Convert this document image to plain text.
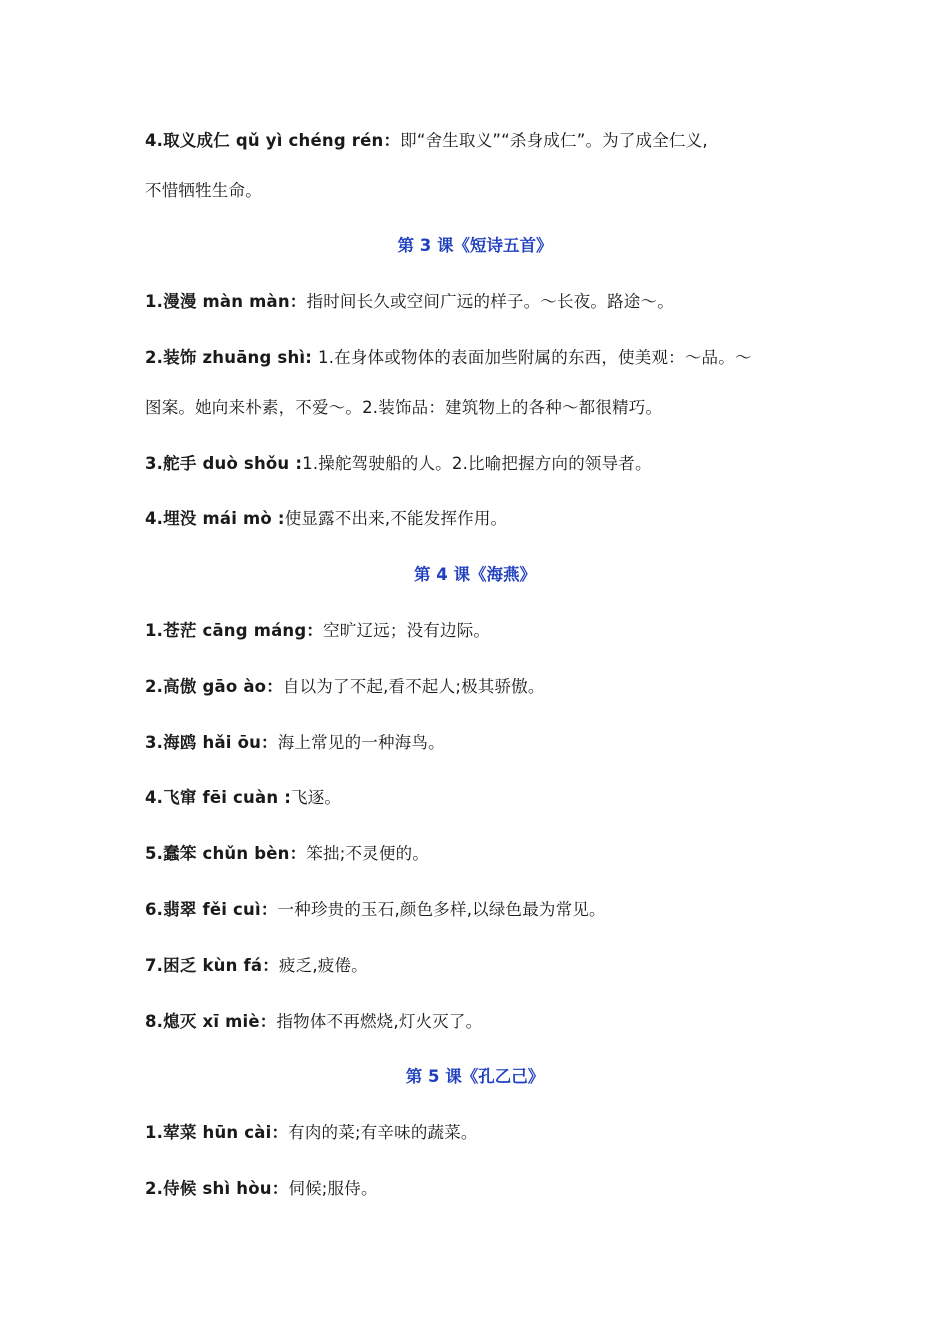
4.取义成仁 qǔ yì chéng rén：即“舍生取义”“杀身成仁”。为了成全仁义,
不惜牺牲生命。
第 3 课《短诗五首》
1.漫漫 màn màn：指时间长久或空间广远的样子。～长夜。路途～。
2.装饰 zhuāng shì: 1.在身体或物体的表面加些附属的东西，使美观：～品。～
图案。她向来朴素，不爱～。2.装饰品：建筑物上的各种～都很精巧。
3.舵手 duò shǒu :1.操舵驾驶船的人。2.比喻把握方向的领导者。
4.埋没 mái mò :使显露不出来,不能发挥作用。
第 4 课《海燕》
1.苍茫 cāng máng：空旷辽远；没有边际。
2.高傲 gāo ào：自以为了不起,看不起人;极其骄傲。
3.海鸥 hǎi ōu：海上常见的一种海鸟。
4.飞窜 fēi cuàn :飞逐。
5.蠢笨 chǔn bèn：笨拙;不灵便的。
6.翡翠 fěi cuì：一种珍贵的玉石,颜色多样,以绿色最为常见。
7.困乏 kùn fá：疲乏,疲倦。
8.熄灭 xī miè：指物体不再燃烧,灯火灭了。
第 5 课《孔乙己》
1.荤菜 hūn cài：有肉的菜;有辛味的蔬菜。
2.侍候 shì hòu：伺候;服侍。
